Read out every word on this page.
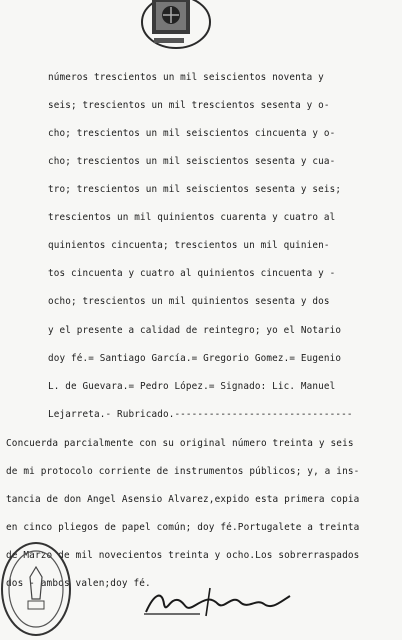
números trescientos un mil seiscientos noventa y
seis; trescientos un mil trescientos sesenta y o-
cho; trescientos un mil seiscientos cincuenta y o-
cho; trescientos un mil seiscientos sesenta y cua-
tro; trescientos un mil seiscientos sesenta y seis;
trescientos un mil quinientos cuarenta y cuatro al
quinientos cincuenta; trescientos un mil quinien-
tos cincuenta y cuatro al quinientos cincuenta y -
ocho; trescientos un mil quinientos sesenta y dos
y el presente a calidad de reintegro; yo el Notario
doy fé.= Santiago García.= Gregorio Gomez.= Eugenio
L. de Guevara.= Pedro López.= Signado: Lic. Manuel
Lejarreta.- Rubricado.-------------------------------
Concuerda parcialmente con su original número treinta y seis
de mi protocolo corriente de instrumentos públicos; y, a ins-
tancia de don Angel Asensio Alvarez,expido esta primera copia
en cinco pliegos de papel común; doy fé.Portugalete a treinta
de Marzo de mil novecientos treinta y ocho.Los sobrerraspados
dos - ambos valen;doy fé.
